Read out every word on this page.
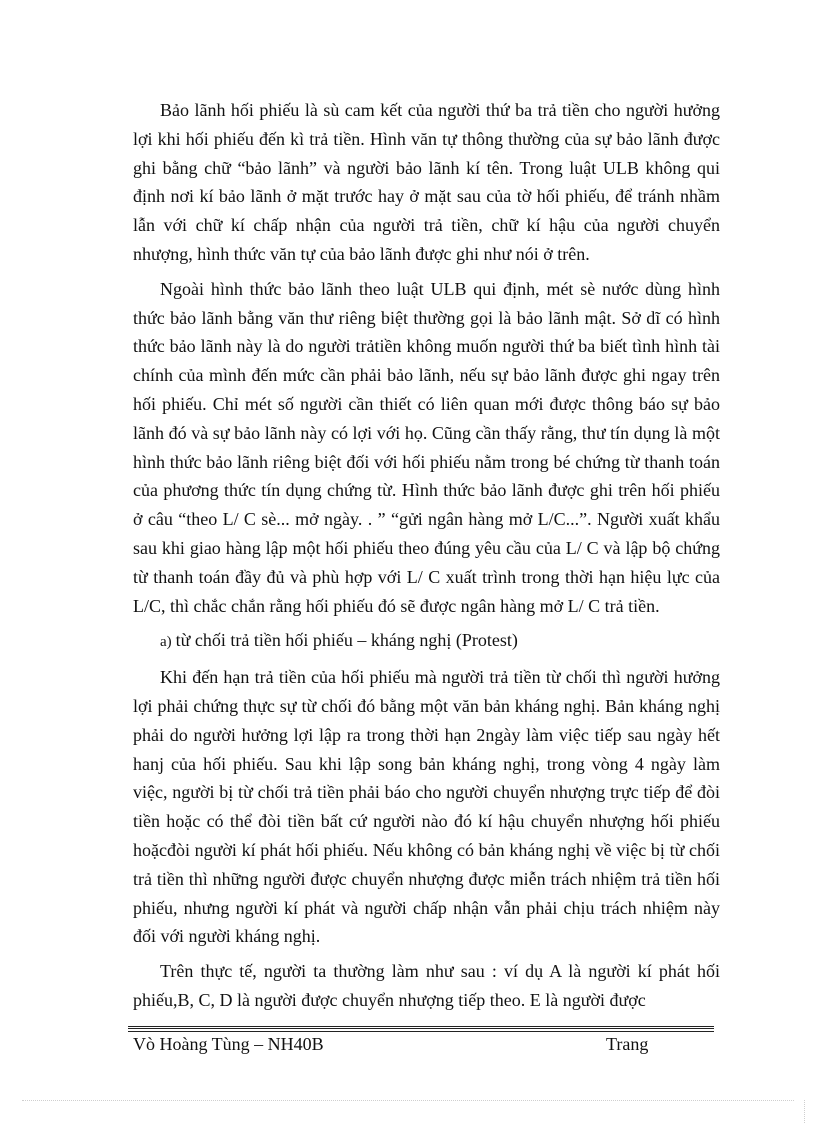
Bảo lãnh hối phiếu là sù cam kết của người thứ ba trả tiền cho người hưởng lợi khi hối phiếu đến kì trả tiền. Hình văn tự thông thường của sự bảo lãnh được ghi bằng chữ “bảo lãnh” và người bảo lãnh kí tên. Trong luật ULB không qui định nơi kí bảo lãnh ở mặt trước hay ở mặt sau của tờ hối phiếu, để tránh nhầm lẫn với chữ kí chấp nhận của người trả tiền, chữ kí hậu của người chuyển nhượng, hình thức văn tự của bảo lãnh được ghi như nói ở trên.

Ngoài hình thức bảo lãnh theo luật ULB qui định, mét sè nước dùng hình thức bảo lãnh bằng văn thư riêng biệt thường gọi là bảo lãnh mật. Sở dĩ có hình thức bảo lãnh này là do người trảtiền không muốn người thứ ba biết tình hình tài chính của mình đến mức cần phải bảo lãnh, nếu sự bảo lãnh được ghi ngay trên hối phiếu. Chỉ mét số người cần thiết có liên quan mới được thông báo sự bảo lãnh đó và sự bảo lãnh này có lợi với họ. Cũng cần thấy rằng, thư tín dụng là một hình thức bảo lãnh riêng biệt đối với hối phiếu nằm trong bé chứng từ thanh toán của phương thức tín dụng chứng từ. Hình thức bảo lãnh được ghi trên hối phiếu ở câu “theo L/ C sè... mở ngày. . ” “gửi ngân hàng mở L/C...”. Người xuất khẩu sau khi giao hàng lập một hối phiếu theo đúng yêu cầu của L/ C và lập bộ chứng từ thanh toán đầy đủ và phù hợp với L/ C xuất trình trong thời hạn hiệu lực của L/C, thì chắc chắn rằng hối phiếu đó sẽ được ngân hàng mở L/ C trả tiền.

a) từ chối trả tiền hối phiếu – kháng nghị (Protest)

Khi đến hạn trả tiền của hối phiếu mà người trả tiền từ chối thì người hưởng lợi phải chứng thực sự từ chối đó bằng một văn bản kháng nghị. Bản kháng nghị phải do người hưởng lợi lập ra trong thời hạn 2ngày làm việc tiếp sau ngày hết hanj của hối phiếu. Sau khi lập song bản kháng nghị, trong vòng 4 ngày làm việc, người bị từ chối trả tiền phải báo cho người chuyển nhượng trực tiếp để đòi tiền hoặc có thể đòi tiền bất cứ người nào đó kí hậu chuyển nhượng hối phiếu hoặcđòi người kí phát hối phiếu. Nếu không có bản kháng nghị về việc bị từ chối trả tiền thì những người được chuyển nhượng được miễn trách nhiệm trả tiền hối phiếu, nhưng người kí phát và người chấp nhận vẫn phải chịu trách nhiệm này đối với người kháng nghị.

Trên thực tế, người ta thường làm như sau : ví dụ A là người kí phát hối phiếu,B, C, D là người được chuyển nhượng tiếp theo. E là người được

Vò Hoàng Tùng – NH40B	Trang
